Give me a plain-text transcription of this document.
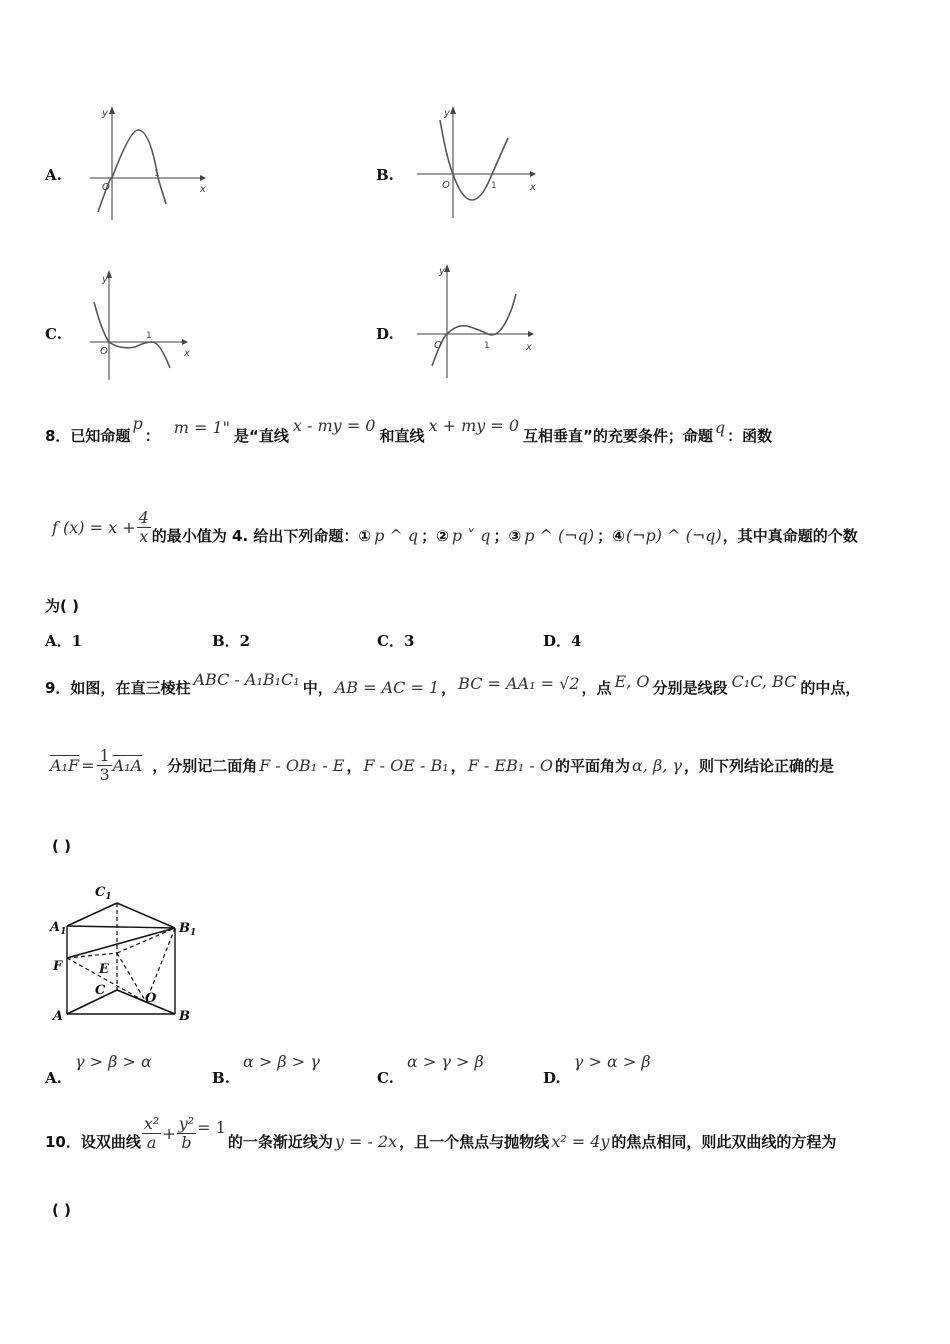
A.
y
x
O
1	B.
y
x
O	1
C.
y
x
O
1	D.
y
x
O	1
8．已知命题
p
： m = 1" 是“直线
x - my = 0
和直线
x + my = 0
互相垂直”的充要条件；命题 q ：函数
f $(x) = x + \frac{4}{x}$ 的最小值为 4. 给出下列命题：① p ^ q ；② p ˅ q ；③ p ^ (¬q) ；④ (¬p) ^ (¬q) ，其中真命题的个数
为( )
A．1	B．2	C．3	D．4
9．如图，在直三棱柱 ABC - A₁B₁C₁ 中， AB = AC = 1 ， BC = AA₁ = √2 ，点 E, O 分别是线段 C₁C, BC 的中点，
$A_1F = \frac{1}{3} A_1A$ ，分别记二面角 F - OB₁ - E ， F - OE - B₁ ， F - EB₁ - O 的平面角为 α, β, γ ，则下列结论正确的是
( )
$C_1$
$A_1$	$B_1$
F	E
C
O
A	B
A. γ > β > α
B. α > β > γ
C. α > γ > β
D. γ > α > β
10．设双曲线 $\frac{\text{x²}}{a} + \frac{\text{y²}}{b} = 1$
的一条渐近线为 y = - 2x ，且一个焦点与抛物线 x² = 4y 的焦点相同，则此双曲线的方程为
( )
